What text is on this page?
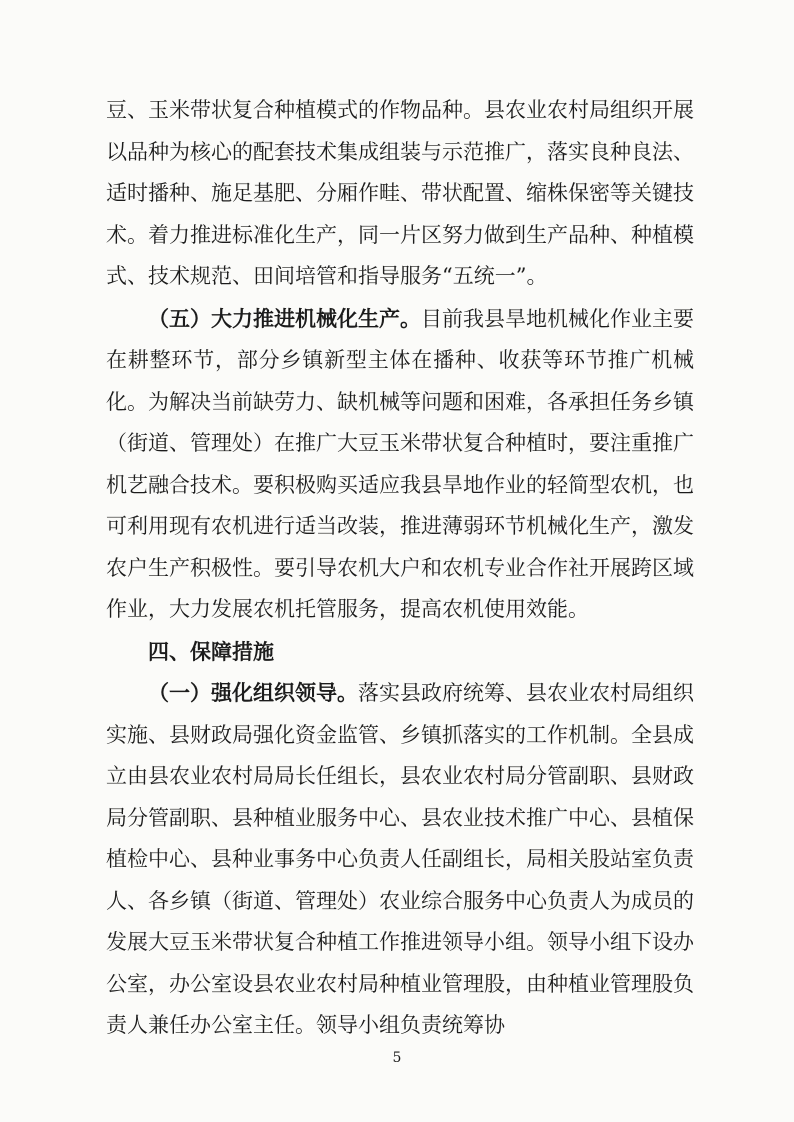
豆、玉米带状复合种植模式的作物品种。县农业农村局组织开展以品种为核心的配套技术集成组装与示范推广，落实良种良法、适时播种、施足基肥、分厢作畦、带状配置、缩株保密等关键技术。着力推进标准化生产，同一片区努力做到生产品种、种植模式、技术规范、田间培管和指导服务“五统一”。

（五）大力推进机械化生产。目前我县旱地机械化作业主要在耕整环节，部分乡镇新型主体在播种、收获等环节推广机械化。为解决当前缺劳力、缺机械等问题和困难，各承担任务乡镇（街道、管理处）在推广大豆玉米带状复合种植时，要注重推广机艺融合技术。要积极购买适应我县旱地作业的轻简型农机，也可利用现有农机进行适当改装，推进薄弱环节机械化生产，激发农户生产积极性。要引导农机大户和农机专业合作社开展跨区域作业，大力发展农机托管服务，提高农机使用效能。

四、保障措施

（一）强化组织领导。落实县政府统筹、县农业农村局组织实施、县财政局强化资金监管、乡镇抓落实的工作机制。全县成立由县农业农村局局长任组长，县农业农村局分管副职、县财政局分管副职、县种植业服务中心、县农业技术推广中心、县植保植检中心、县种业事务中心负责人任副组长，局相关股站室负责人、各乡镇（街道、管理处）农业综合服务中心负责人为成员的发展大豆玉米带状复合种植工作推进领导小组。领导小组下设办公室，办公室设县农业农村局种植业管理股，由种植业管理股负责人兼任办公室主任。领导小组负责统筹协

5
